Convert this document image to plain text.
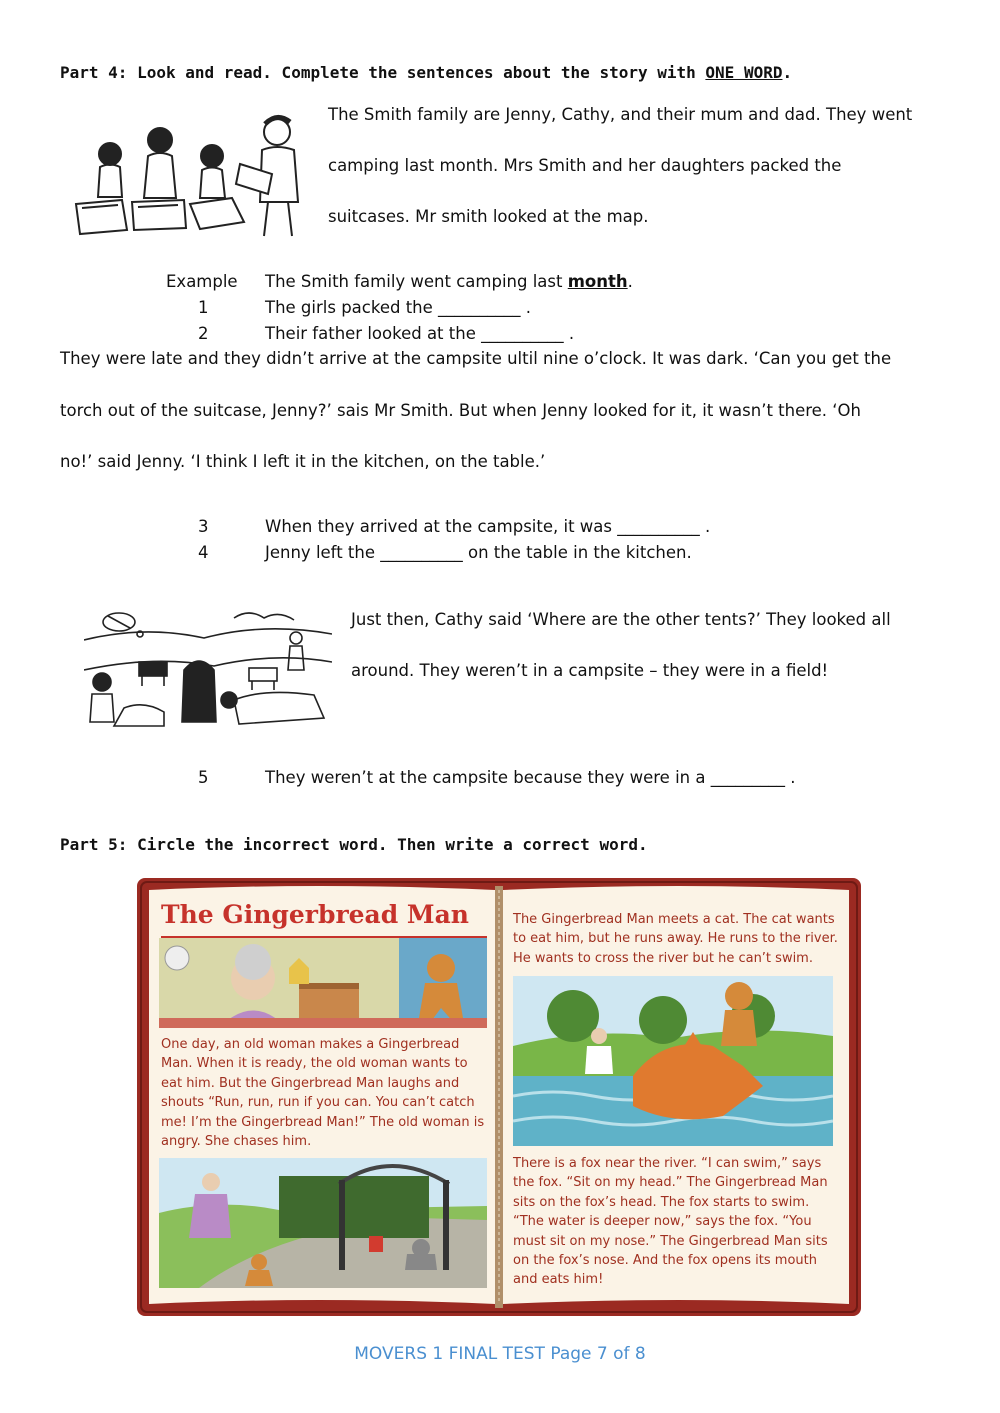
Part 4: Look and read. Complete the sentences about the story with ONE WORD.
The Smith family are Jenny, Cathy, and their mum and dad. They went
camping last month. Mrs Smith and her daughters packed the
suitcases. Mr smith looked at the map.
Example The Smith family went camping last month.
1	The girls packed the __________ .
2	Their father looked at the __________ .
They were late and they didn’t arrive at the campsite ultil nine o’clock. It was dark. ‘Can you get the
torch out of the suitcase, Jenny?’ sais Mr Smith. But when Jenny looked for it, it wasn’t there. ‘Oh
no!’ said Jenny. ‘I think I left it in the kitchen, on the table.’
3	When they arrived at the campsite, it was __________ .
4	Jenny left the __________ on the table in the kitchen.
Just then, Cathy said ‘Where are the other tents?’ They looked all
around. They weren’t in a campsite – they were in a field!
5	They weren’t at the campsite because they were in a _________ .
Part 5: Circle the incorrect word. Then write a correct word.
The Gingerbread Man
One day, an old woman makes a Gingerbread
Man. When it is ready, the old woman wants to
eat him. But the Gingerbread Man laughs and
shouts “Run, run, run if you can. You can’t catch
me! I’m the Gingerbread Man!” The old woman is
angry. She chases him.
The Gingerbread Man meets a cat. The cat wants
to eat him, but he runs away. He runs to the river.
He wants to cross the river but he can’t swim.
There is a fox near the river. “I can swim,” says
the fox. “Sit on my head.” The Gingerbread Man
sits on the fox’s head. The fox starts to swim.
“The water is deeper now,” says the fox. “You
must sit on my nose.” The Gingerbread Man sits
on the fox’s nose. And the fox opens its mouth
and eats him!
MOVERS 1 FINAL TEST Page 7 of 8
